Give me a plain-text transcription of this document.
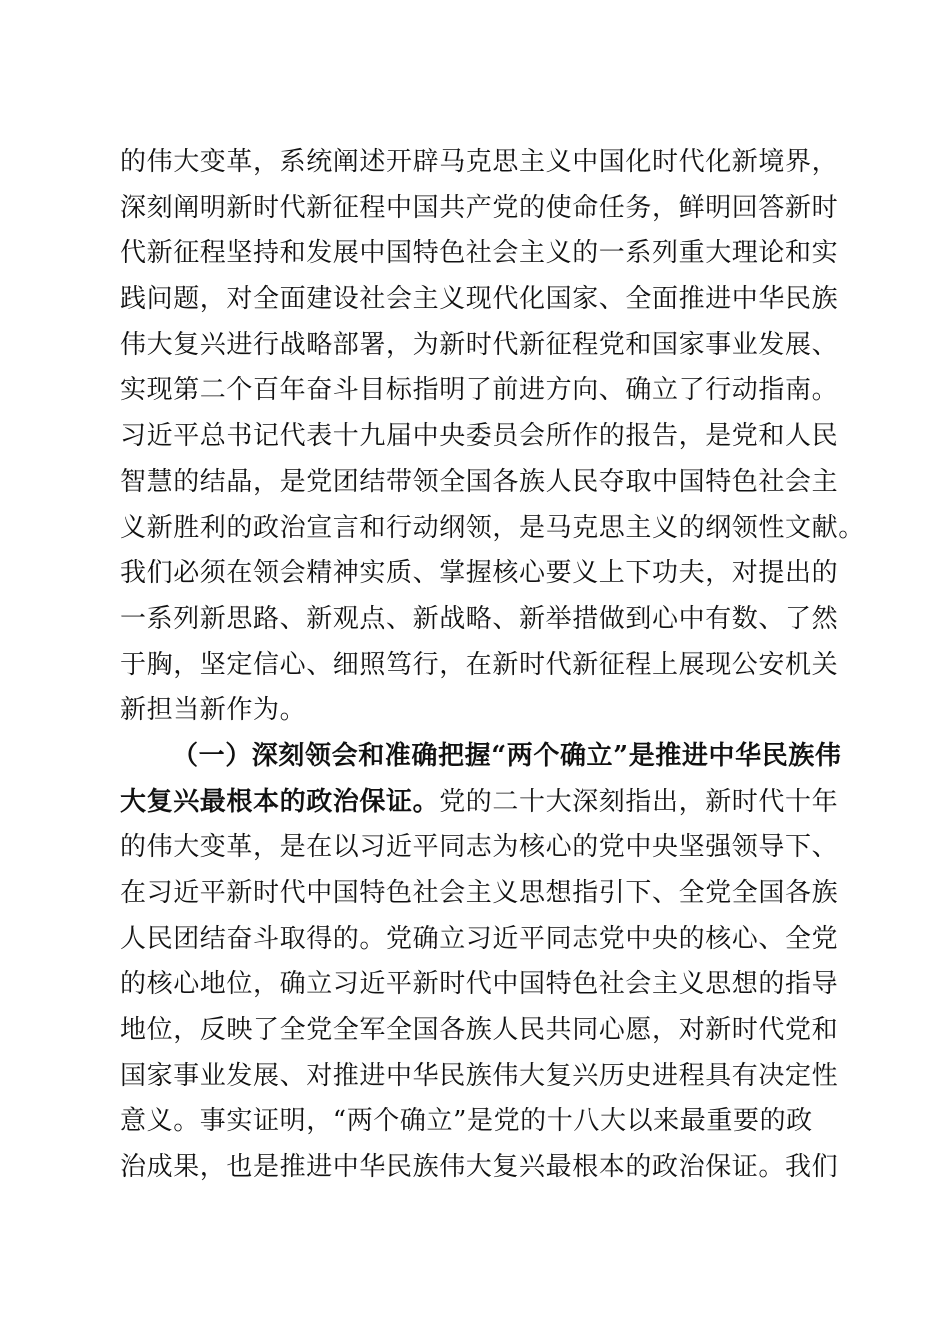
的伟大变革，系统阐述开辟马克思主义中国化时代化新境界，
深刻阐明新时代新征程中国共产党的使命任务，鲜明回答新时
代新征程坚持和发展中国特色社会主义的一系列重大理论和实
践问题，对全面建设社会主义现代化国家、全面推进中华民族
伟大复兴进行战略部署，为新时代新征程党和国家事业发展、
实现第二个百年奋斗目标指明了前进方向、确立了行动指南。
习近平总书记代表十九届中央委员会所作的报告，是党和人民
智慧的结晶，是党团结带领全国各族人民夺取中国特色社会主
义新胜利的政治宣言和行动纲领，是马克思主义的纲领性文献。
我们必须在领会精神实质、掌握核心要义上下功夫，对提出的
一系列新思路、新观点、新战略、新举措做到心中有数、了然
于胸，坚定信心、细照笃行，在新时代新征程上展现公安机关
新担当新作为。
（一）深刻领会和准确把握“两个确立”是推进中华民族伟
大复兴最根本的政治保证。党的二十大深刻指出，新时代十年
的伟大变革，是在以习近平同志为核心的党中央坚强领导下、
在习近平新时代中国特色社会主义思想指引下、全党全国各族
人民团结奋斗取得的。党确立习近平同志党中央的核心、全党
的核心地位，确立习近平新时代中国特色社会主义思想的指导
地位，反映了全党全军全国各族人民共同心愿，对新时代党和
国家事业发展、对推进中华民族伟大复兴历史进程具有决定性
意义。事实证明，“两个确立”是党的十八大以来最重要的政
治成果，也是推进中华民族伟大复兴最根本的政治保证。我们
